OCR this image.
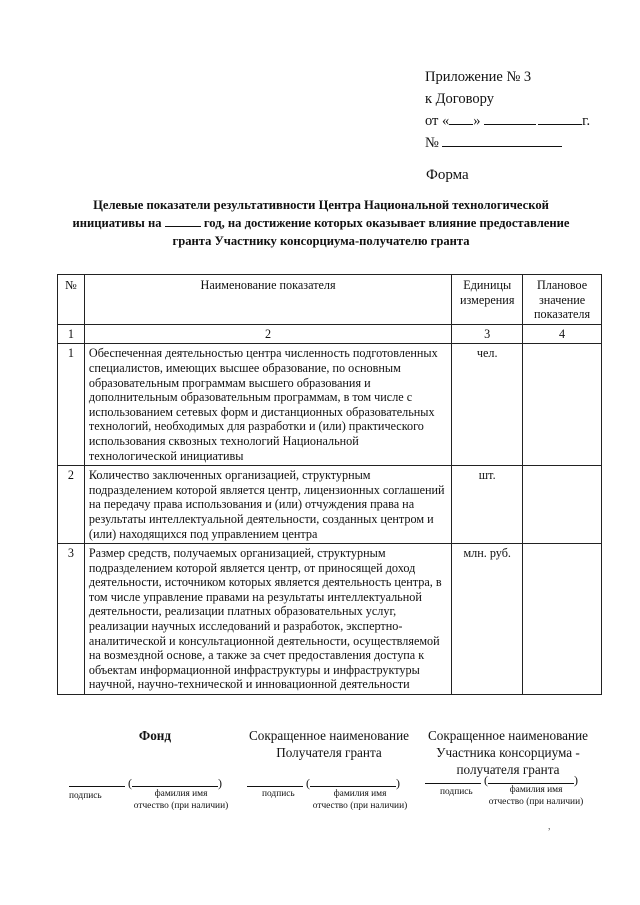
Приложение № 3
к Договору
от « »	г.
№
Форма
Целевые показатели результативности Центра Национальной технологической
инициативы на	год, на достижение которых оказывает влияние предоставление
гранта Участнику консорциума-получателю гранта
№	Наименование показателя	Единицы измерения	Плановое значение показателя
1	2	3	4
1	Обеспеченная деятельностью центра численность подготовленных специалистов, имеющих высшее образование, по основным образовательным программам высшего образования и дополнительным образовательным программам, в том числе с использованием сетевых форм и дистанционных образовательных технологий, необходимых для разработки и (или) практического использования сквозных технологий Национальной технологической инициативы	чел.	
2	Количество заключенных организацией, структурным подразделением которой является центр, лицензионных соглашений на передачу права использования и (или) отчуждения права на результаты интеллектуальной деятельности, созданных центром и (или) находящихся под управлением центра	шт.	
3	Размер средств, получаемых организацией, структурным подразделением которой является центр, от приносящей доход деятельности, источником которых является деятельность центра, в том числе управление правами на результаты интеллектуальной деятельности, реализации платных образовательных услуг, реализации научных исследований и разработок, экспертно-аналитической и консультационной деятельности, осуществляемой на возмездной основе, а также за счет предоставления доступа к объектам информационной инфраструктуры и инфраструктуры научной, научно-технической и инновационной деятельности	млн. руб.	
Фонд
(	)
подпись	фамилия имя
отчество (при наличии)
Сокращенное наименование Получателя гранта
(	)
подпись	фамилия имя
отчество (при наличии)
Сокращенное наименование Участника консорциума - получателя гранта
(	)
подпись	фамилия имя
отчество (при наличии)
,
